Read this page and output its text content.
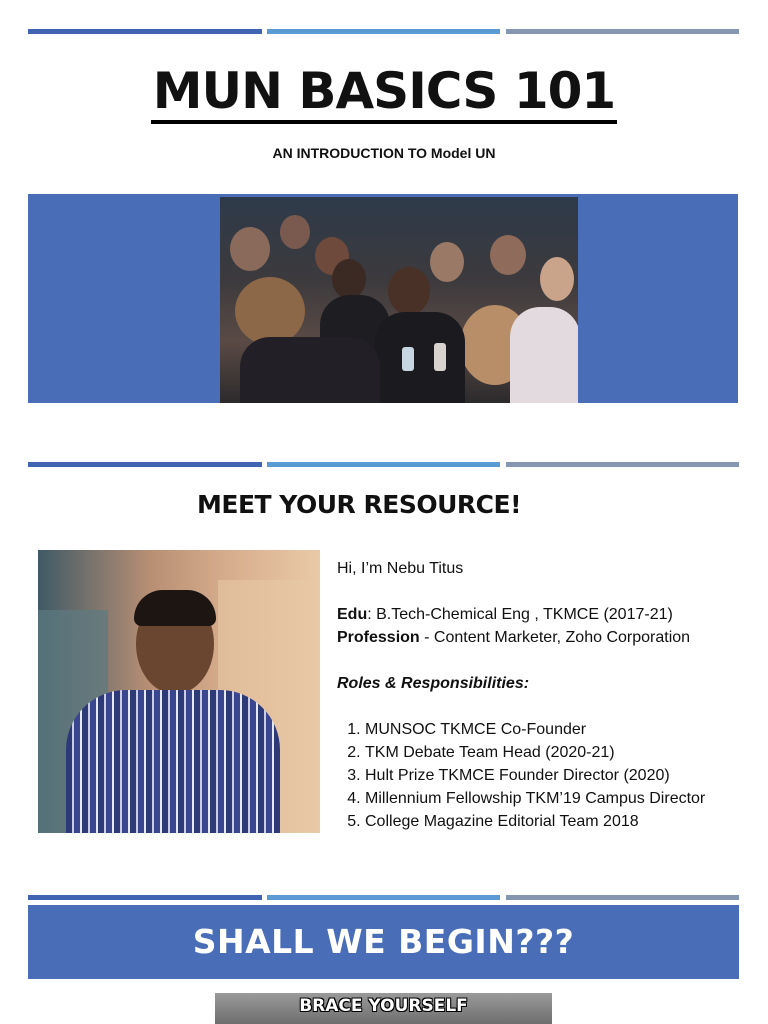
MUN BASICS 101
AN INTRODUCTION TO Model UN
MEET YOUR RESOURCE!

Hi, I’m Nebu Titus

Edu: B.Tech-Chemical Eng , TKMCE (2017-21)

Profession - Content Marketer, Zoho Corporation

Roles & Responsibilities:

1. MUNSOC TKMCE Co-Founder
2. TKM Debate Team Head (2020-21)
3. Hult Prize TKMCE Founder Director (2020)
4. Millennium Fellowship TKM’19 Campus Director
5. College Magazine Editorial Team 2018
SHALL WE BEGIN???
BRACE YOURSELF
